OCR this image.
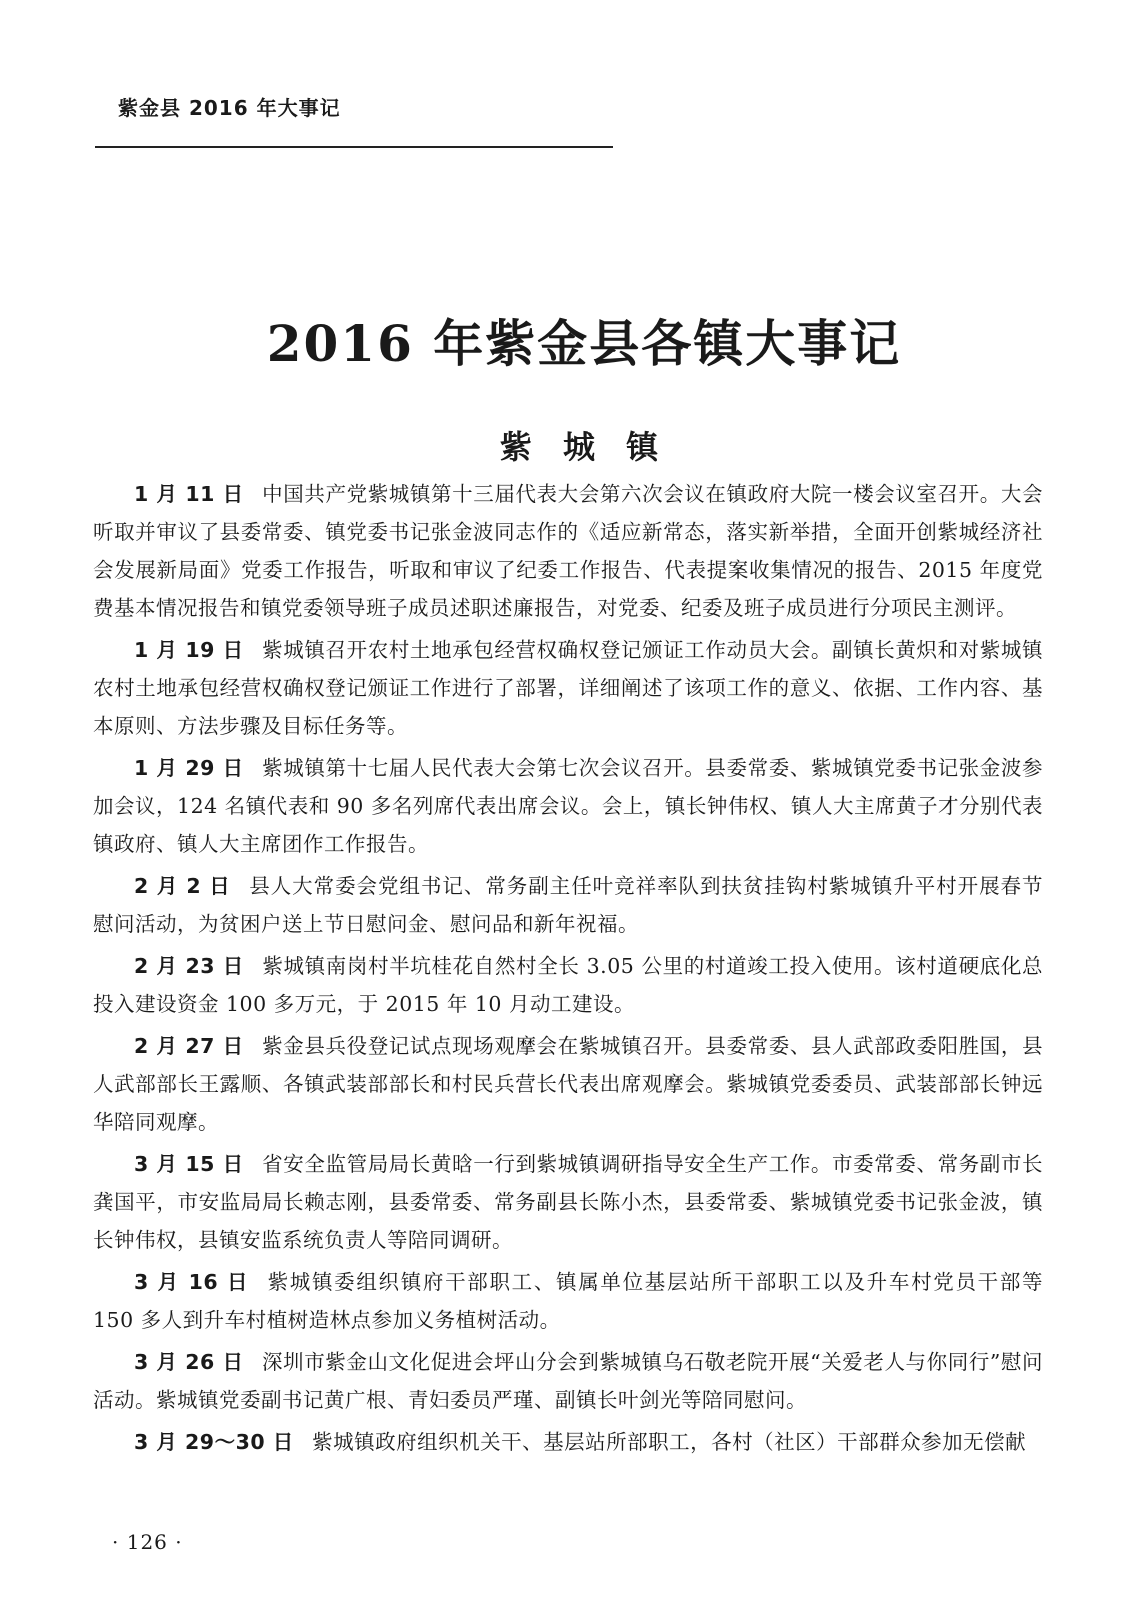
紫金县 2016 年大事记
2016 年紫金县各镇大事记
紫 城 镇

1 月 11 日 中国共产党紫城镇第十三届代表大会第六次会议在镇政府大院一楼会议室召开。大会听取并审议了县委常委、镇党委书记张金波同志作的《适应新常态，落实新举措，全面开创紫城经济社会发展新局面》党委工作报告，听取和审议了纪委工作报告、代表提案收集情况的报告、2015 年度党费基本情况报告和镇党委领导班子成员述职述廉报告，对党委、纪委及班子成员进行分项民主测评。

1 月 19 日 紫城镇召开农村土地承包经营权确权登记颁证工作动员大会。副镇长黄炽和对紫城镇农村土地承包经营权确权登记颁证工作进行了部署，详细阐述了该项工作的意义、依据、工作内容、基本原则、方法步骤及目标任务等。

1 月 29 日 紫城镇第十七届人民代表大会第七次会议召开。县委常委、紫城镇党委书记张金波参加会议，124 名镇代表和 90 多名列席代表出席会议。会上，镇长钟伟权、镇人大主席黄子才分别代表镇政府、镇人大主席团作工作报告。

2 月 2 日 县人大常委会党组书记、常务副主任叶竞祥率队到扶贫挂钩村紫城镇升平村开展春节慰问活动，为贫困户送上节日慰问金、慰问品和新年祝福。

2 月 23 日 紫城镇南岗村半坑桂花自然村全长 3.05 公里的村道竣工投入使用。该村道硬底化总投入建设资金 100 多万元，于 2015 年 10 月动工建设。

2 月 27 日 紫金县兵役登记试点现场观摩会在紫城镇召开。县委常委、县人武部政委阳胜国，县人武部部长王露顺、各镇武装部部长和村民兵营长代表出席观摩会。紫城镇党委委员、武装部部长钟远华陪同观摩。

3 月 15 日 省安全监管局局长黄晗一行到紫城镇调研指导安全生产工作。市委常委、常务副市长龚国平，市安监局局长赖志刚，县委常委、常务副县长陈小杰，县委常委、紫城镇党委书记张金波，镇长钟伟权，县镇安监系统负责人等陪同调研。

3 月 16 日 紫城镇委组织镇府干部职工、镇属单位基层站所干部职工以及升车村党员干部等 150 多人到升车村植树造林点参加义务植树活动。

3 月 26 日 深圳市紫金山文化促进会坪山分会到紫城镇乌石敬老院开展“关爱老人与你同行”慰问活动。紫城镇党委副书记黄广根、青妇委员严瑾、副镇长叶剑光等陪同慰问。

3 月 29～30 日 紫城镇政府组织机关干、基层站所部职工，各村（社区）干部群众参加无偿献

· 126 ·
